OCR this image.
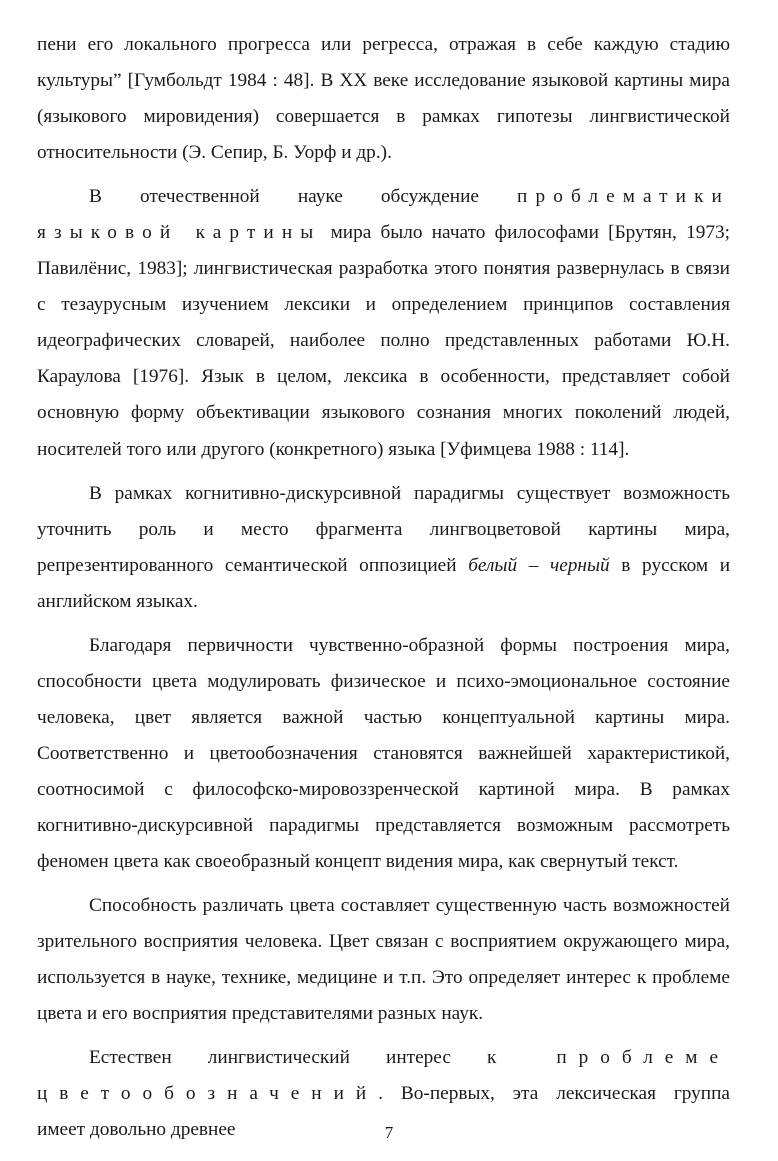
пени его локального прогресса или регресса, отражая в себе каждую стадию культуры” [Гумбольдт 1984 : 48]. В XX веке исследование языковой картины мира (языкового мировидения) совершается в рамках гипотезы лингвистической относительности (Э. Сепир, Б. Уорф и др.).

В отечественной науке обсуждение проблематики языковой картины мира было начато философами [Брутян, 1973; Павилёнис, 1983]; лингвистическая разработка этого понятия развернулась в связи с тезаурусным изучением лексики и определением принципов составления идеографических словарей, наиболее полно представленных работами Ю.Н. Караулова [1976]. Язык в целом, лексика в особенности, представляет собой основную форму объективации языкового сознания многих поколений людей, носителей того или другого (конкретного) языка [Уфимцева 1988 : 114].

В рамках когнитивно-дискурсивной парадигмы существует возможность уточнить роль и место фрагмента лингвоцветовой картины мира, репрезентированного семантической оппозицией белый – черный в русском и английском языках.

Благодаря первичности чувственно-образной формы построения мира, способности цвета модулировать физическое и психо-эмоциональное состояние человека, цвет является важной частью концептуальной картины мира. Соответственно и цветообозначения становятся важнейшей характеристикой, соотносимой с философско-мировоззренческой картиной мира. В рамках когнитивно-дискурсивной парадигмы представляется возможным рассмотреть феномен цвета как своеобразный концепт видения мира, как свернутый текст.

Способность различать цвета составляет существенную часть возможностей зрительного восприятия человека. Цвет связан с восприятием окружающего мира, используется в науке, технике, медицине и т.п. Это определяет интерес к проблеме цвета и его восприятия представителями разных наук.

Естествен лингвистический интерес к проблеме цветообозначений. Во-первых, эта лексическая группа имеет довольно древнее	7
